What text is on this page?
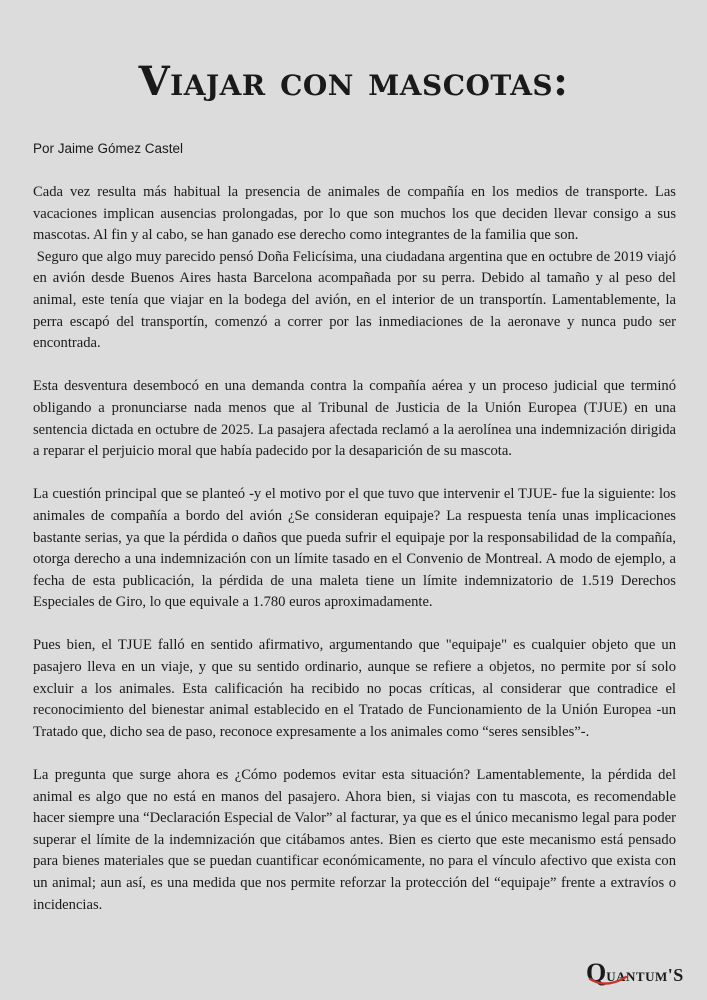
Viajar con mascotas:
Por Jaime Gómez Castel

Cada vez resulta más habitual la presencia de animales de compañía en los medios de transporte. Las vacaciones implican ausencias prolongadas, por lo que son muchos los que deciden llevar consigo a sus mascotas. Al fin y al cabo, se han ganado ese derecho como integrantes de la familia que son.

Seguro que algo muy parecido pensó Doña Felicísima, una ciudadana argentina que en octubre de 2019 viajó en avión desde Buenos Aires hasta Barcelona acompañada por su perra. Debido al tamaño y al peso del animal, este tenía que viajar en la bodega del avión, en el interior de un transportín. Lamentablemente, la perra escapó del transportín, comenzó a correr por las inmediaciones de la aeronave y nunca pudo ser encontrada.

Esta desventura desembocó en una demanda contra la compañía aérea y un proceso judicial que terminó obligando a pronunciarse nada menos que al Tribunal de Justicia de la Unión Europea (TJUE) en una sentencia dictada en octubre de 2025. La pasajera afectada reclamó a la aerolínea una indemnización dirigida a reparar el perjuicio moral que había padecido por la desaparición de su mascota.

La cuestión principal que se planteó -y el motivo por el que tuvo que intervenir el TJUE- fue la siguiente: los animales de compañía a bordo del avión ¿Se consideran equipaje? La respuesta tenía unas implicaciones bastante serias, ya que la pérdida o daños que pueda sufrir el equipaje por la responsabilidad de la compañía, otorga derecho a una indemnización con un límite tasado en el Convenio de Montreal. A modo de ejemplo, a fecha de esta publicación, la pérdida de una maleta tiene un límite indemnizatorio de 1.519 Derechos Especiales de Giro, lo que equivale a 1.780 euros aproximadamente.

Pues bien, el TJUE falló en sentido afirmativo, argumentando que "equipaje" es cualquier objeto que un pasajero lleva en un viaje, y que su sentido ordinario, aunque se refiere a objetos, no permite por sí solo excluir a los animales. Esta calificación ha recibido no pocas críticas, al considerar que contradice el reconocimiento del bienestar animal establecido en el Tratado de Funcionamiento de la Unión Europea -un Tratado que, dicho sea de paso, reconoce expresamente a los animales como “seres sensibles”-.

La pregunta que surge ahora es ¿Cómo podemos evitar esta situación? Lamentablemente, la pérdida del animal es algo que no está en manos del pasajero. Ahora bien, si viajas con tu mascota, es recomendable hacer siempre una “Declaración Especial de Valor” al facturar, ya que es el único mecanismo legal para poder superar el límite de la indemnización que citábamos antes. Bien es cierto que este mecanismo está pensado para bienes materiales que se puedan cuantificar económicamente, no para el vínculo afectivo que exista con un animal; aun así, es una medida que nos permite reforzar la protección del “equipaje” frente a extravíos o incidencias.

Q uantum'S
